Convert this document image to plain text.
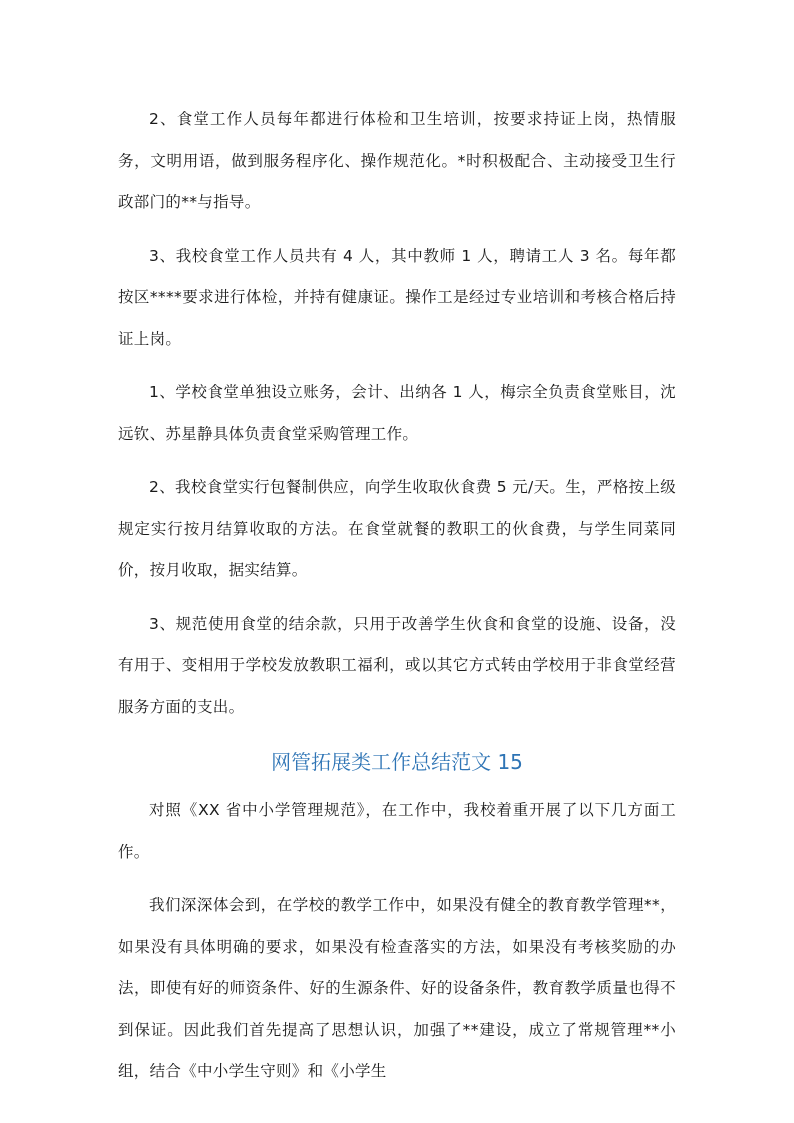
2、食堂工作人员每年都进行体检和卫生培训，按要求持证上岗，热情服务，文明用语，做到服务程序化、操作规范化。*时积极配合、主动接受卫生行政部门的**与指导。

3、我校食堂工作人员共有 4 人，其中教师 1 人，聘请工人 3 名。每年都按区****要求进行体检，并持有健康证。操作工是经过专业培训和考核合格后持证上岗。

1、学校食堂单独设立账务，会计、出纳各 1 人，梅宗全负责食堂账目，沈远钦、苏星静具体负责食堂采购管理工作。

2、我校食堂实行包餐制供应，向学生收取伙食费 5 元/天。生，严格按上级规定实行按月结算收取的方法。在食堂就餐的教职工的伙食费，与学生同菜同价，按月收取，据实结算。

3、规范使用食堂的结余款，只用于改善学生伙食和食堂的设施、设备，没有用于、变相用于学校发放教职工福利，或以其它方式转由学校用于非食堂经营服务方面的支出。

网管拓展类工作总结范文 15

对照《XX 省中小学管理规范》，在工作中，我校着重开展了以下几方面工作。

我们深深体会到，在学校的教学工作中，如果没有健全的教育教学管理**，如果没有具体明确的要求，如果没有检查落实的方法，如果没有考核奖励的办法，即使有好的师资条件、好的生源条件、好的设备条件，教育教学质量也得不到保证。因此我们首先提高了思想认识，加强了**建设，成立了常规管理**小组，结合《中小学生守则》和《小学生
